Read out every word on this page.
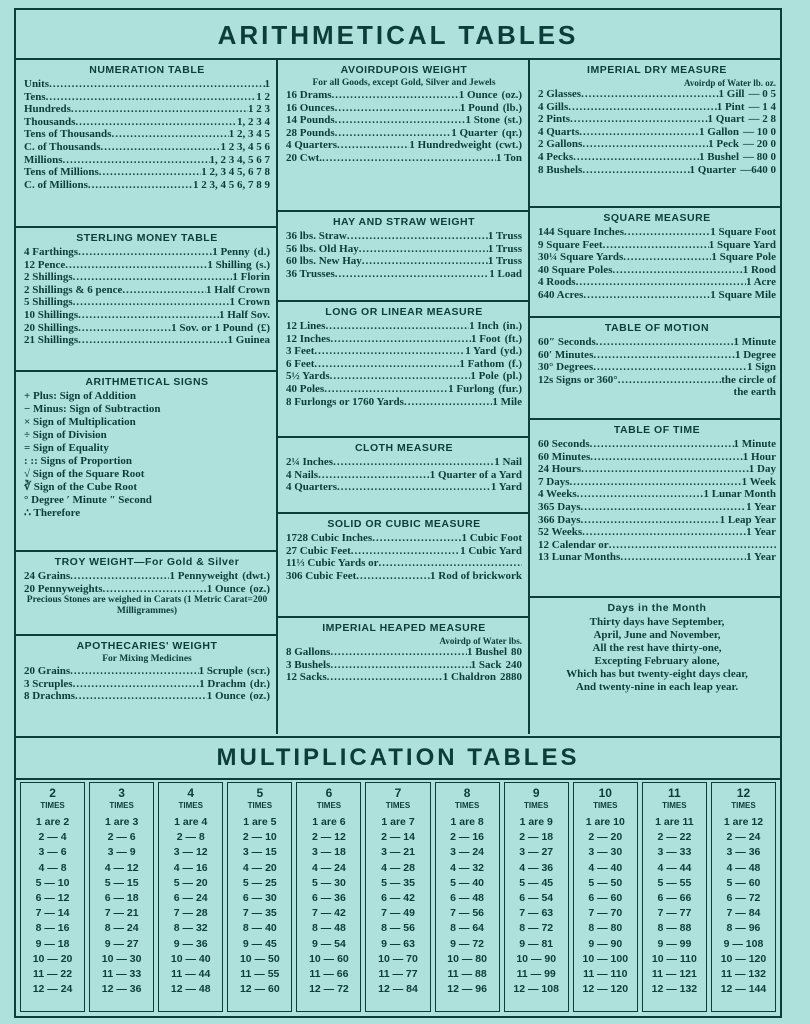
ARITHMETICAL TABLES
NUMERATION TABLE
Units .....	1
Tens .....	1 2
Hundreds .....	1 2 3
Thousands .....	1, 2 3 4
Tens of Thousands .....	1 2, 3 4 5
C. of Thousands .....	1 2 3, 4 5 6
Millions .....	1, 2 3 4, 5 6 7
Tens of Millions .....	1 2, 3 4 5, 6 7 8
C. of Millions .....	1 2 3, 4 5 6, 7 8 9
STERLING MONEY TABLE
4 Farthings .....	1 Penny (d.)
12 Pence .....	1 Shilling (s.)
2 Shillings .....	1 Florin
2 Shillings & 6 pence .....	1 Half Crown
5 Shillings .....	1 Crown
10 Shillings .....	1 Half Sov.
20 Shillings .....	1 Sov. or 1 Pound (£)
21 Shillings .....	1 Guinea
ARITHMETICAL SIGNS
+ Plus: Sign of Addition
− Minus: Sign of Subtraction
× Sign of Multiplication
÷ Sign of Division
= Sign of Equality
: :: Signs of Proportion
√ Sign of the Square Root
∛ Sign of the Cube Root
° Degree ′ Minute ″ Second
∴ Therefore
TROY WEIGHT—For Gold & Silver
24 Grains .....	1 Pennyweight (dwt.)
20 Pennyweights .....	1 Ounce (oz.)
Precious Stones are weighed in Carats (1 Metric Carat=200 Milligrammes)
APOTHECARIES' WEIGHT
For Mixing Medicines
20 Grains .....	1 Scruple (scr.)
3 Scruples .....	1 Drachm (dr.)
8 Drachms .....	1 Ounce (oz.)
AVOIRDUPOIS WEIGHT
For all Goods, except Gold, Silver and Jewels
16 Drams .....	1 Ounce (oz.)
16 Ounces .....	1 Pound (lb.)
14 Pounds .....	1 Stone (st.)
28 Pounds .....	1 Quarter (qr.)
4 Quarters .....	1 Hundredweight (cwt.)
20 Cwt. .....	1 Ton
HAY AND STRAW WEIGHT
36 lbs. Straw .....	1 Truss
56 lbs. Old Hay .....	1 Truss
60 lbs. New Hay .....	1 Truss
36 Trusses .....	1 Load
LONG OR LINEAR MEASURE
12 Lines .....	1 Inch (in.)
12 Inches .....	1 Foot (ft.)
3 Feet .....	1 Yard (yd.)
6 Feet .....	1 Fathom (f.)
5½ Yards .....	1 Pole (pl.)
40 Poles .....	1 Furlong (fur.)
8 Furlongs or 1760 Yards .....	1 Mile
CLOTH MEASURE
2¼ Inches .....	1 Nail
4 Nails .....	1 Quarter of a Yard
4 Quarters .....	1 Yard
SOLID OR CUBIC MEASURE
1728 Cubic Inches .....	1 Cubic Foot
27 Cubic Feet .....	1 Cubic Yard
11⅓ Cubic Yards or
.....
306 Cubic Feet .....	1 Rod of brickwork
IMPERIAL HEAPED MEASURE
Avoirdp of Water lbs.
8 Gallons .....	1 Bushel 80
3 Bushels .....	1 Sack 240
12 Sacks .....	1 Chaldron 2880
IMPERIAL DRY MEASURE
Avoirdp of Water lb. oz.
2 Glasses .....	1 Gill — 0 5
4 Gills .....	1 Pint — 1 4
2 Pints .....	1 Quart — 2 8
4 Quarts .....	1 Gallon — 10 0
2 Gallons .....	1 Peck — 20 0
4 Pecks .....	1 Bushel — 80 0
8 Bushels .....	1 Quarter —640 0
SQUARE MEASURE
144 Square Inches .....	1 Square Foot
9 Square Feet .....	1 Square Yard
30¼ Square Yards .....	1 Square Pole
40 Square Poles .....	1 Rood
4 Roods .....	1 Acre
640 Acres .....	1 Square Mile
TABLE OF MOTION
60″ Seconds .....	1 Minute
60′ Minutes .....	1 Degree
30° Degrees .....	1 Sign
12s Signs or 360° .....	the circle of
the earth
TABLE OF TIME
60 Seconds .....	1 Minute
60 Minutes .....	1 Hour
24 Hours .....	1 Day
7 Days .....	1 Week
4 Weeks .....	1 Lunar Month
365 Days .....	1 Year
366 Days .....	1 Leap Year
52 Weeks .....	1 Year
12 Calendar or
.....
13 Lunar Months .....	1 Year
Days in the Month
Thirty days have September,
April, June and November,
All the rest have thirty-one,
Excepting February alone,
Which has but twenty-eight days clear,
And twenty-nine in each leap year.
MULTIPLICATION TABLES
2
TIMES
1 are 2
2 — 4
3 — 6
4 — 8
5 — 10
6 — 12
7 — 14
8 — 16
9 — 18
10 — 20
11 — 22
12 — 24
3
TIMES
1 are 3
2 — 6
3 — 9
4 — 12
5 — 15
6 — 18
7 — 21
8 — 24
9 — 27
10 — 30
11 — 33
12 — 36
4
TIMES
1 are 4
2 — 8
3 — 12
4 — 16
5 — 20
6 — 24
7 — 28
8 — 32
9 — 36
10 — 40
11 — 44
12 — 48
5
TIMES
1 are 5
2 — 10
3 — 15
4 — 20
5 — 25
6 — 30
7 — 35
8 — 40
9 — 45
10 — 50
11 — 55
12 — 60
6
TIMES
1 are 6
2 — 12
3 — 18
4 — 24
5 — 30
6 — 36
7 — 42
8 — 48
9 — 54
10 — 60
11 — 66
12 — 72
7
TIMES
1 are 7
2 — 14
3 — 21
4 — 28
5 — 35
6 — 42
7 — 49
8 — 56
9 — 63
10 — 70
11 — 77
12 — 84
8
TIMES
1 are 8
2 — 16
3 — 24
4 — 32
5 — 40
6 — 48
7 — 56
8 — 64
9 — 72
10 — 80
11 — 88
12 — 96
9
TIMES
1 are 9
2 — 18
3 — 27
4 — 36
5 — 45
6 — 54
7 — 63
8 — 72
9 — 81
10 — 90
11 — 99
12 — 108
10
TIMES
1 are 10
2 — 20
3 — 30
4 — 40
5 — 50
6 — 60
7 — 70
8 — 80
9 — 90
10 — 100
11 — 110
12 — 120
11
TIMES
1 are 11
2 — 22
3 — 33
4 — 44
5 — 55
6 — 66
7 — 77
8 — 88
9 — 99
10 — 110
11 — 121
12 — 132
12
TIMES
1 are 12
2 — 24
3 — 36
4 — 48
5 — 60
6 — 72
7 — 84
8 — 96
9 — 108
10 — 120
11 — 132
12 — 144
